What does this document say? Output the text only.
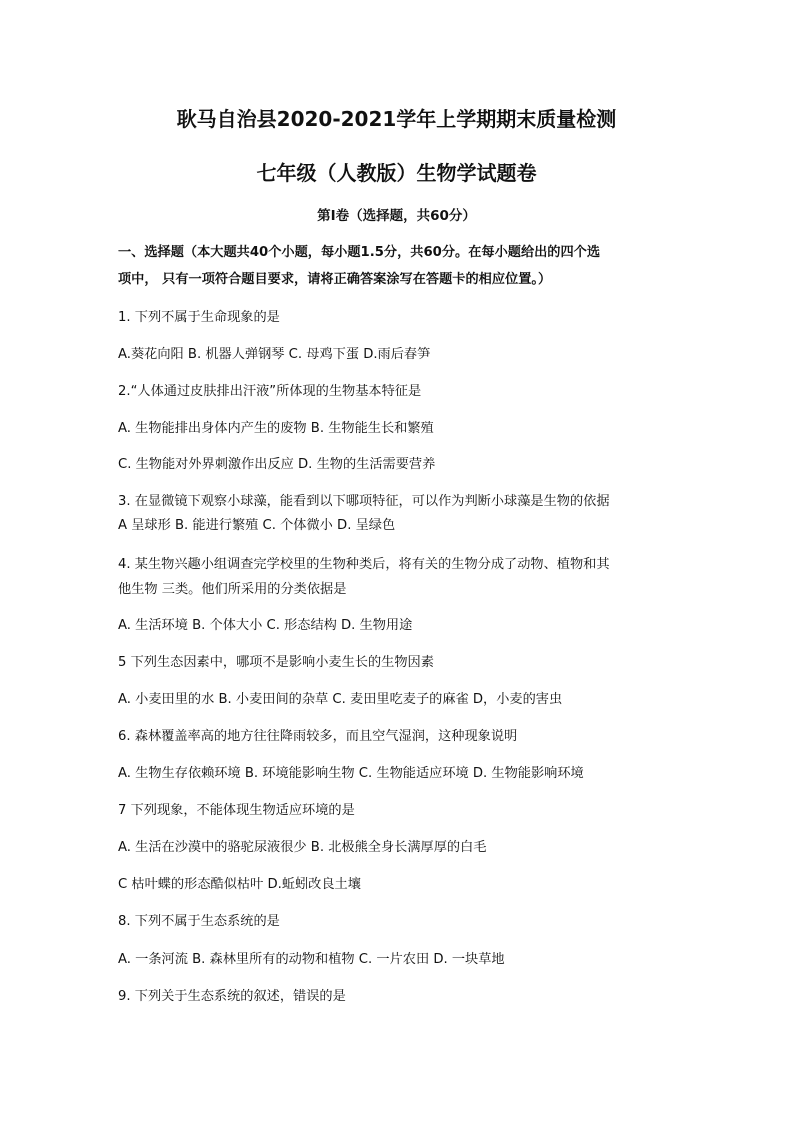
耿马自治县2020-2021学年上学期期末质量检测
七年级（人教版）生物学试题卷
第I卷（选择题，共60分）
一、选择题（本大题共40个小题，每小题1.5分，共60分。在每小题给出的四个选
项中， 只有一项符合题目要求，请将正确答案涂写在答题卡的相应位置。）
1. 下列不属于生命现象的是
A.葵花向阳 B. 机器人弹钢琴 C. 母鸡下蛋 D.雨后春笋
2.“人体通过皮肤排出汗液”所体现的生物基本特征是
A. 生物能排出身体内产生的废物 B. 生物能生长和繁殖
C. 生物能对外界刺激作出反应 D. 生物的生活需要营养
3. 在显微镜下观察小球藻，能看到以下哪项特征，可以作为判断小球藻是生物的依据
A 呈球形 B. 能进行繁殖 C. 个体微小 D. 呈绿色
4. 某生物兴趣小组调查完学校里的生物种类后，将有关的生物分成了动物、植物和其
他生物 三类。他们所采用的分类依据是
A. 生活环境 B. 个体大小 C. 形态结构 D. 生物用途
5 下列生态因素中，哪项不是影响小麦生长的生物因素
A. 小麦田里的水 B. 小麦田间的杂草 C. 麦田里吃麦子的麻雀 D，小麦的害虫
6. 森林覆盖率高的地方往往降雨较多，而且空气湿润，这种现象说明
A. 生物生存依赖环境 B. 环境能影响生物 C. 生物能适应环境 D. 生物能影响环境
7 下列现象，不能体现生物适应环境的是
A. 生活在沙漠中的骆驼尿液很少 B. 北极熊全身长满厚厚的白毛
C 枯叶蝶的形态酷似枯叶 D.蚯蚓改良土壤
8. 下列不属于生态系统的是
A. 一条河流 B. 森林里所有的动物和植物 C. 一片农田 D. 一块草地
9. 下列关于生态系统的叙述，错误的是
